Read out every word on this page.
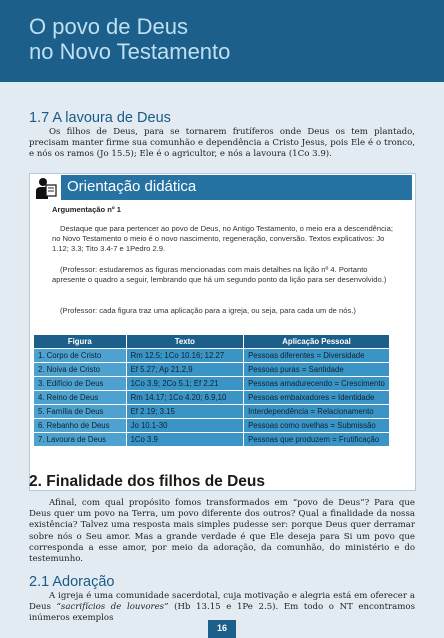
O povo de Deus
no Novo Testamento
1.7 A lavoura de Deus
Os filhos de Deus, para se tornarem frutíferos onde Deus os tem plantado, precisam manter firme sua comunhão e dependência a Cristo Jesus, pois Ele é o tronco, e nós os ramos (Jo 15.5); Ele é o agricultor, e nós a lavoura (1Co 3.9).
Orientação didática
Argumentação nº 1
Destaque que para pertencer ao povo de Deus, no Antigo Testamento, o meio era a descendência; no Novo Testamento o meio é o novo nascimento, regeneração, conversão. Textos explicativos: Jo 1.12; 3.3; Tito 3.4-7 e 1Pedro 2.9.
(Professor: estudaremos as figuras mencionadas com mais detalhes na lição nº 4. Portanto apresente o quadro a seguir, lembrando que há um segundo ponto da lição para ser desenvolvido.)
(Professor: cada figura traz uma aplicação para a igreja, ou seja, para cada um de nós.)
Figura	Texto	Aplicação Pessoal
1. Corpo de Cristo	Rm 12.5; 1Co 10.16; 12.27	Pessoas diferentes = Diversidade
2. Noiva de Cristo	Ef 5.27; Ap 21.2,9	Pessoas puras = Santidade
3. Edifício de Deus	1Co 3.9; 2Co 5.1; Ef 2.21	Pessoas amadurecendo = Crescimento
4. Reino de Deus	Rm 14.17; 1Co 4.20; 6.9,10	Pessoas embaixadores = Identidade
5. Família de Deus	Ef 2.19; 3.15	Interdependência = Relacionamento
6. Rebanho de Deus	Jo 10.1-30	Pessoas como ovelhas = Submissão
7. Lavoura de Deus	1Co 3.9	Pessoas que produzem = Frutificação
2. Finalidade dos filhos de Deus
Afinal, com qual propósito fomos transformados em “povo de Deus”? Para que Deus quer um povo na Terra, um povo diferente dos outros? Qual a finalidade da nossa existência? Talvez uma resposta mais simples pudesse ser: porque Deus quer derramar sobre nós o Seu amor. Mas a grande verdade é que Ele deseja para Si um povo que corresponda a esse amor, por meio da adoração, da comunhão, do ministério e do testemunho.
2.1 Adoração
A igreja é uma comunidade sacerdotal, cuja motivação e alegria está em oferecer a Deus “sacrifícios de louvores” (Hb 13.15 e 1Pe 2.5). Em todo o NT encontramos inúmeros exemplos
16
